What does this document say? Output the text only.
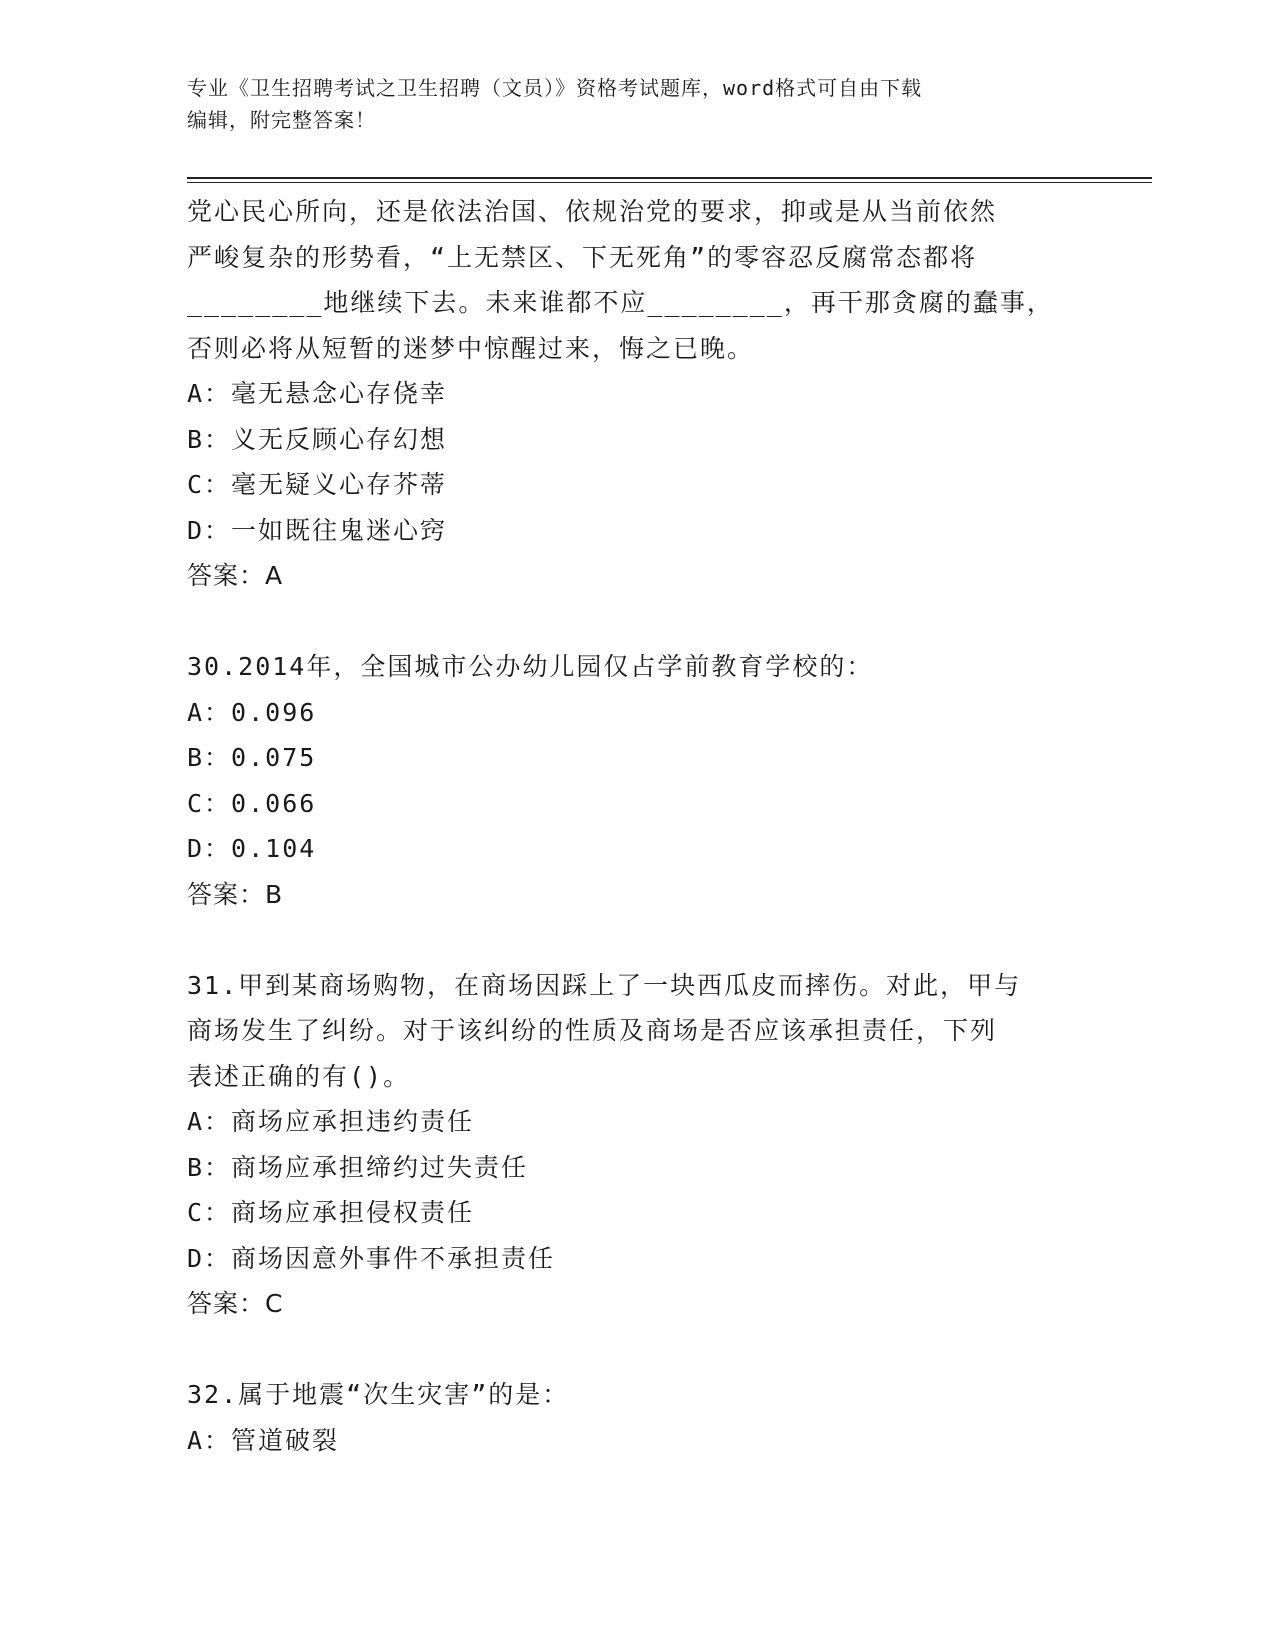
专业《卫生招聘考试之卫生招聘（文员）》资格考试题库，word格式可自由下载
编辑，附完整答案！
党心民心所向，还是依法治国、依规治党的要求，抑或是从当前依然
严峻复杂的形势看，“上无禁区、下无死角”的零容忍反腐常态都将
________地继续下去。未来谁都不应________，再干那贪腐的蠢事，
否则必将从短暂的迷梦中惊醒过来，悔之已晚。
A：毫无悬念心存侥幸
B：义无反顾心存幻想
C：毫无疑义心存芥蒂
D：一如既往鬼迷心窍
答案：A
30.2014年，全国城市公办幼儿园仅占学前教育学校的：
A：0.096
B：0.075
C：0.066
D：0.104
答案：B
31.甲到某商场购物，在商场因踩上了一块西瓜皮而摔伤。对此，甲与
商场发生了纠纷。对于该纠纷的性质及商场是否应该承担责任，下列
表述正确的有()。
A：商场应承担违约责任
B：商场应承担缔约过失责任
C：商场应承担侵权责任
D：商场因意外事件不承担责任
答案：C
32.属于地震“次生灾害”的是：
A：管道破裂
